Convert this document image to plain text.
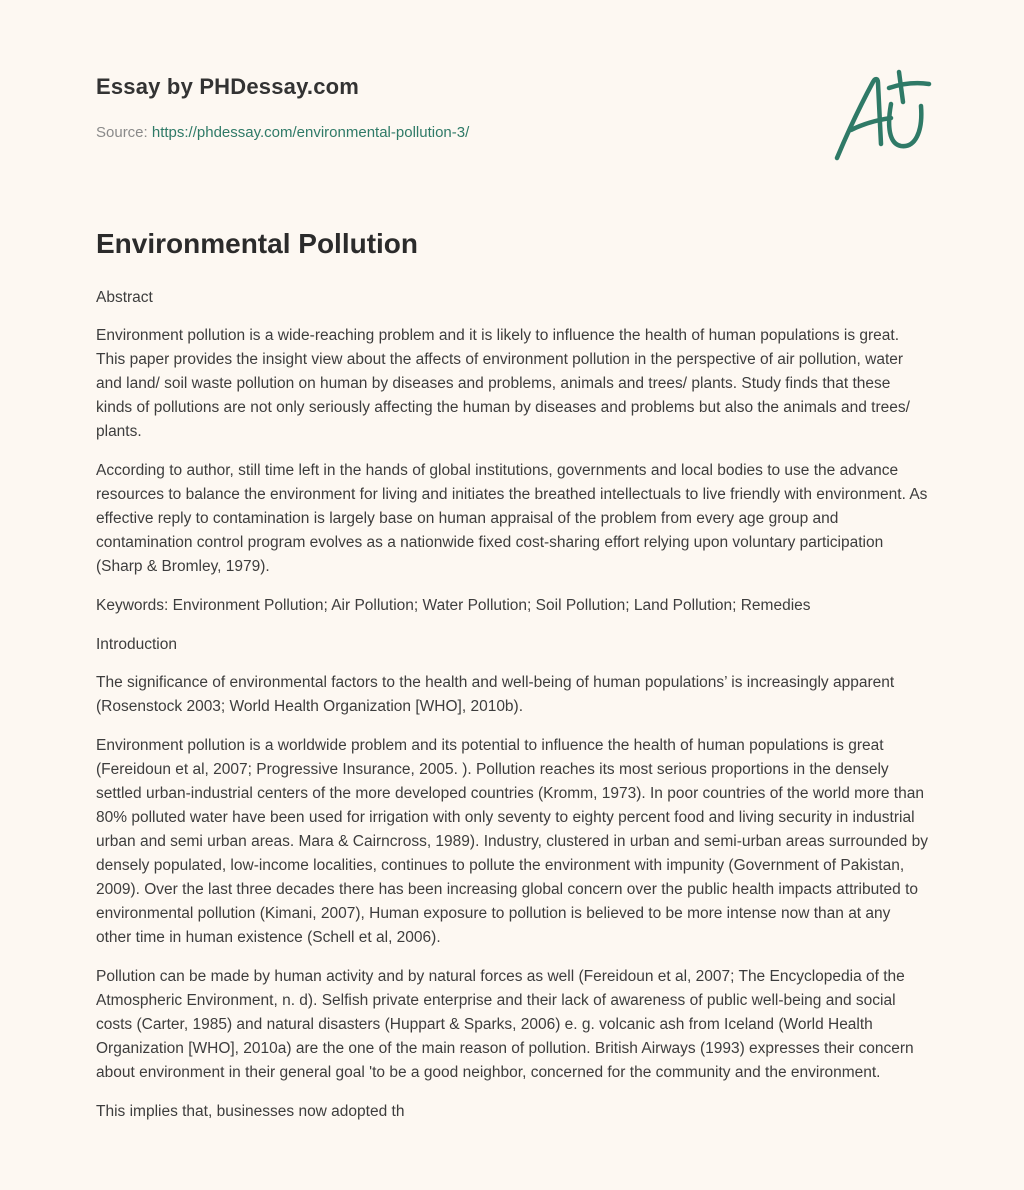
Essay by PHDessay.com
Source: https://phdessay.com/environmental-pollution-3/
Environmental Pollution
Abstract

Environment pollution is a wide-reaching problem and it is likely to influence the health of human populations is great. This paper provides the insight view about the affects of environment pollution in the perspective of air pollution, water and land/ soil waste pollution on human by diseases and problems, animals and trees/ plants. Study finds that these kinds of pollutions are not only seriously affecting the human by diseases and problems but also the animals and trees/ plants.

According to author, still time left in the hands of global institutions, governments and local bodies to use the advance resources to balance the environment for living and initiates the breathed intellectuals to live friendly with environment. As effective reply to contamination is largely base on human appraisal of the problem from every age group and contamination control program evolves as a nationwide fixed cost-sharing effort relying upon voluntary participation (Sharp & Bromley, 1979).

Keywords: Environment Pollution; Air Pollution; Water Pollution; Soil Pollution; Land Pollution; Remedies

Introduction

The significance of environmental factors to the health and well-being of human populations’ is increasingly apparent (Rosenstock 2003; World Health Organization [WHO], 2010b).

Environment pollution is a worldwide problem and its potential to influence the health of human populations is great (Fereidoun et al, 2007; Progressive Insurance, 2005. ). Pollution reaches its most serious proportions in the densely settled urban-industrial centers of the more developed countries (Kromm, 1973). In poor countries of the world more than 80% polluted water have been used for irrigation with only seventy to eighty percent food and living security in industrial urban and semi urban areas. Mara & Cairncross, 1989). Industry, clustered in urban and semi-urban areas surrounded by densely populated, low-income localities, continues to pollute the environment with impunity (Government of Pakistan, 2009). Over the last three decades there has been increasing global concern over the public health impacts attributed to environmental pollution (Kimani, 2007), Human exposure to pollution is believed to be more intense now than at any other time in human existence (Schell et al, 2006).

Pollution can be made by human activity and by natural forces as well (Fereidoun et al, 2007; The Encyclopedia of the Atmospheric Environment, n. d). Selfish private enterprise and their lack of awareness of public well-being and social costs (Carter, 1985) and natural disasters (Huppart & Sparks, 2006) e. g. volcanic ash from Iceland (World Health Organization [WHO], 2010a) are the one of the main reason of pollution. British Airways (1993) expresses their concern about environment in their general goal 'to be a good neighbor, concerned for the community and the environment.

This implies that, businesses now adopted th
